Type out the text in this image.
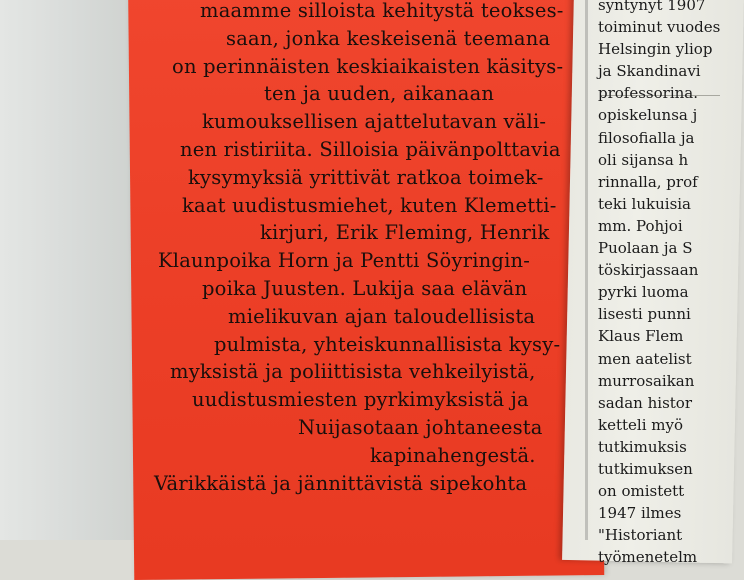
maamme silloista kehitystä teokses-
saan, jonka keskeisenä teemana
on perinnäisten keskiaikaisten käsitys-
ten ja uuden, aikanaan
kumouksellisen ajattelutavan väli-
nen ristiriita. Silloisia päivänpolttavia
kysymyksiä yrittivät ratkoa toimek-
kaat uudistusmiehet, kuten Klemetti-
kirjuri, Erik Fleming, Henrik
Klaunpoika Horn ja Pentti Söyringin-
poika Juusten. Lukija saa elävän
mielikuvan ajan taloudellisista
pulmista, yhteiskunnallisista kysy-
myksistä ja poliittisista vehkeilyistä,
uudistusmiesten pyrkimyksistä ja
Nuijasotaan johtaneesta
kapinahengestä.
Värikkäistä ja jännittävistä sipekohta
syntynyt 1907
toiminut vuodes
Helsingin yliop
ja Skandinavi
professorina.
opiskelunsa j
filosofialla ja
oli sijansa h
rinnalla, prof
teki lukuisia
mm. Pohjoi
Puolaan ja S
töskirjassaan
pyrki luoma
lisesti punni
Klaus Flem
men aatelist
murrosaikan
sadan histor
ketteli myö
tutkimuksis
tutkimuksen
on omistett
1947 ilmes
"Historiant
työmenetelm
